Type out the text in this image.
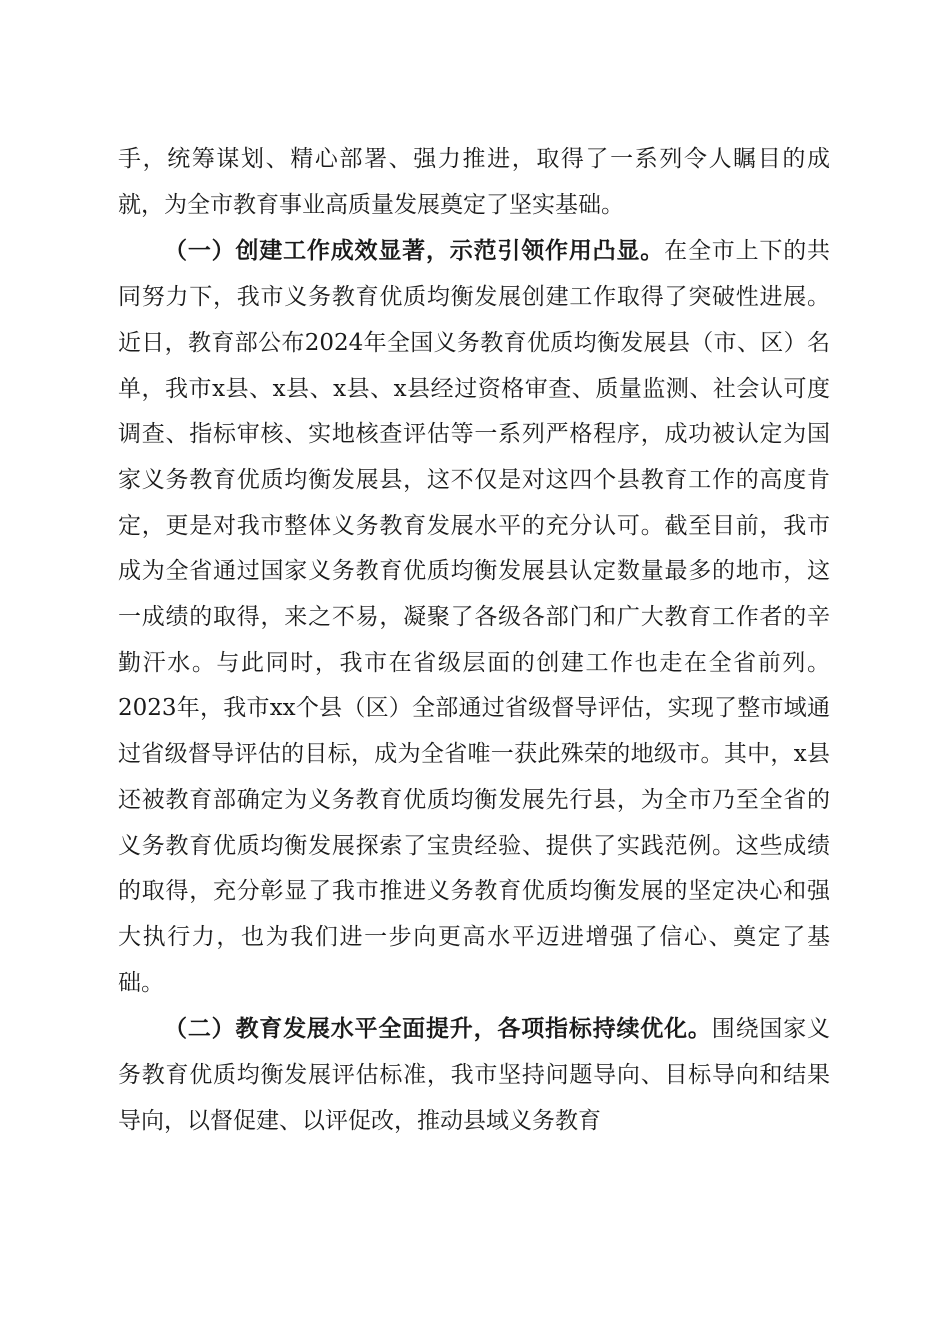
手，统筹谋划、精心部署、强力推进，取得了一系列令人瞩目的成就，为全市教育事业高质量发展奠定了坚实基础。

（一）创建工作成效显著，示范引领作用凸显。在全市上下的共同努力下，我市义务教育优质均衡发展创建工作取得了突破性进展。近日，教育部公布2024年全国义务教育优质均衡发展县（市、区）名单，我市x县、x县、x县、x县经过资格审查、质量监测、社会认可度调查、指标审核、实地核查评估等一系列严格程序，成功被认定为国家义务教育优质均衡发展县，这不仅是对这四个县教育工作的高度肯定，更是对我市整体义务教育发展水平的充分认可。截至目前，我市成为全省通过国家义务教育优质均衡发展县认定数量最多的地市，这一成绩的取得，来之不易，凝聚了各级各部门和广大教育工作者的辛勤汗水。与此同时，我市在省级层面的创建工作也走在全省前列。2023年，我市xx个县（区）全部通过省级督导评估，实现了整市域通过省级督导评估的目标，成为全省唯一获此殊荣的地级市。其中，x县还被教育部确定为义务教育优质均衡发展先行县，为全市乃至全省的义务教育优质均衡发展探索了宝贵经验、提供了实践范例。这些成绩的取得，充分彰显了我市推进义务教育优质均衡发展的坚定决心和强大执行力，也为我们进一步向更高水平迈进增强了信心、奠定了基础。

（二）教育发展水平全面提升，各项指标持续优化。围绕国家义务教育优质均衡发展评估标准，我市坚持问题导向、目标导向和结果导向，以督促建、以评促改，推动县域义务教育
